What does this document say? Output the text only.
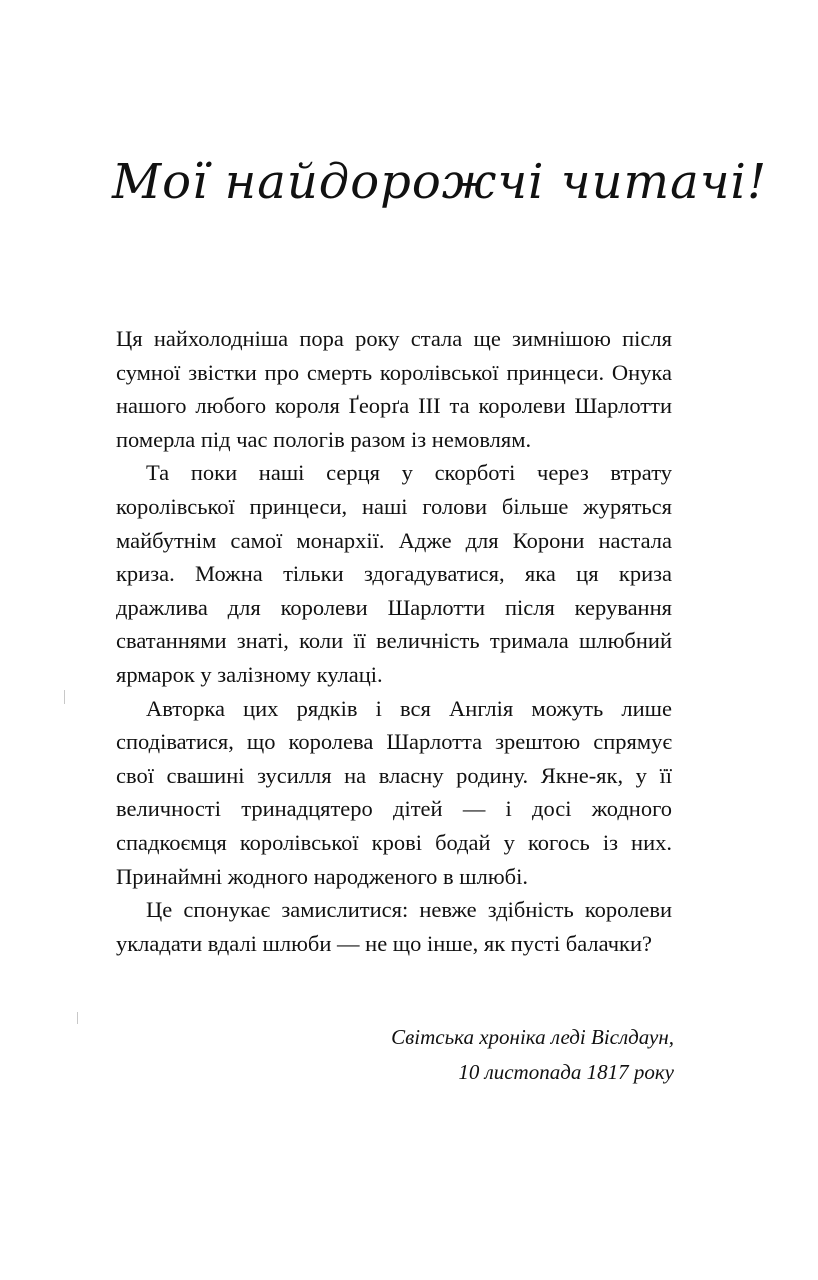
Мої найдорожчі читачі!

Ця найхолодніша пора року стала ще зимнішою після сумної звістки про смерть королівської принцеси. Онука нашого любого короля Ґеорґа III та королеви Шарлотти померла під час пологів разом із немовлям.

Та поки наші серця у скорботі через втрату королівської принцеси, наші голови більше журяться майбутнім самої монархії. Адже для Корони настала криза. Можна тільки здогадуватися, яка ця криза дражлива для королеви Шарлотти після керування сватаннями знаті, коли її величність тримала шлюбний ярмарок у залізному кулаці.

Авторка цих рядків і вся Англія можуть лише сподіватися, що королева Шарлотта зрештою спрямує свої свашині зусилля на власну родину. Якне-як, у її величності тринадцятеро дітей — і досі жодного спадкоємця королівської крові бодай у когось із них. Принаймні жодного народженого в шлюбі.

Це спонукає замислитися: невже здібність королеви укладати вдалі шлюби — не що інше, як пусті балачки?

Світська хроніка леді Віслдаун,
10 листопада 1817 року
